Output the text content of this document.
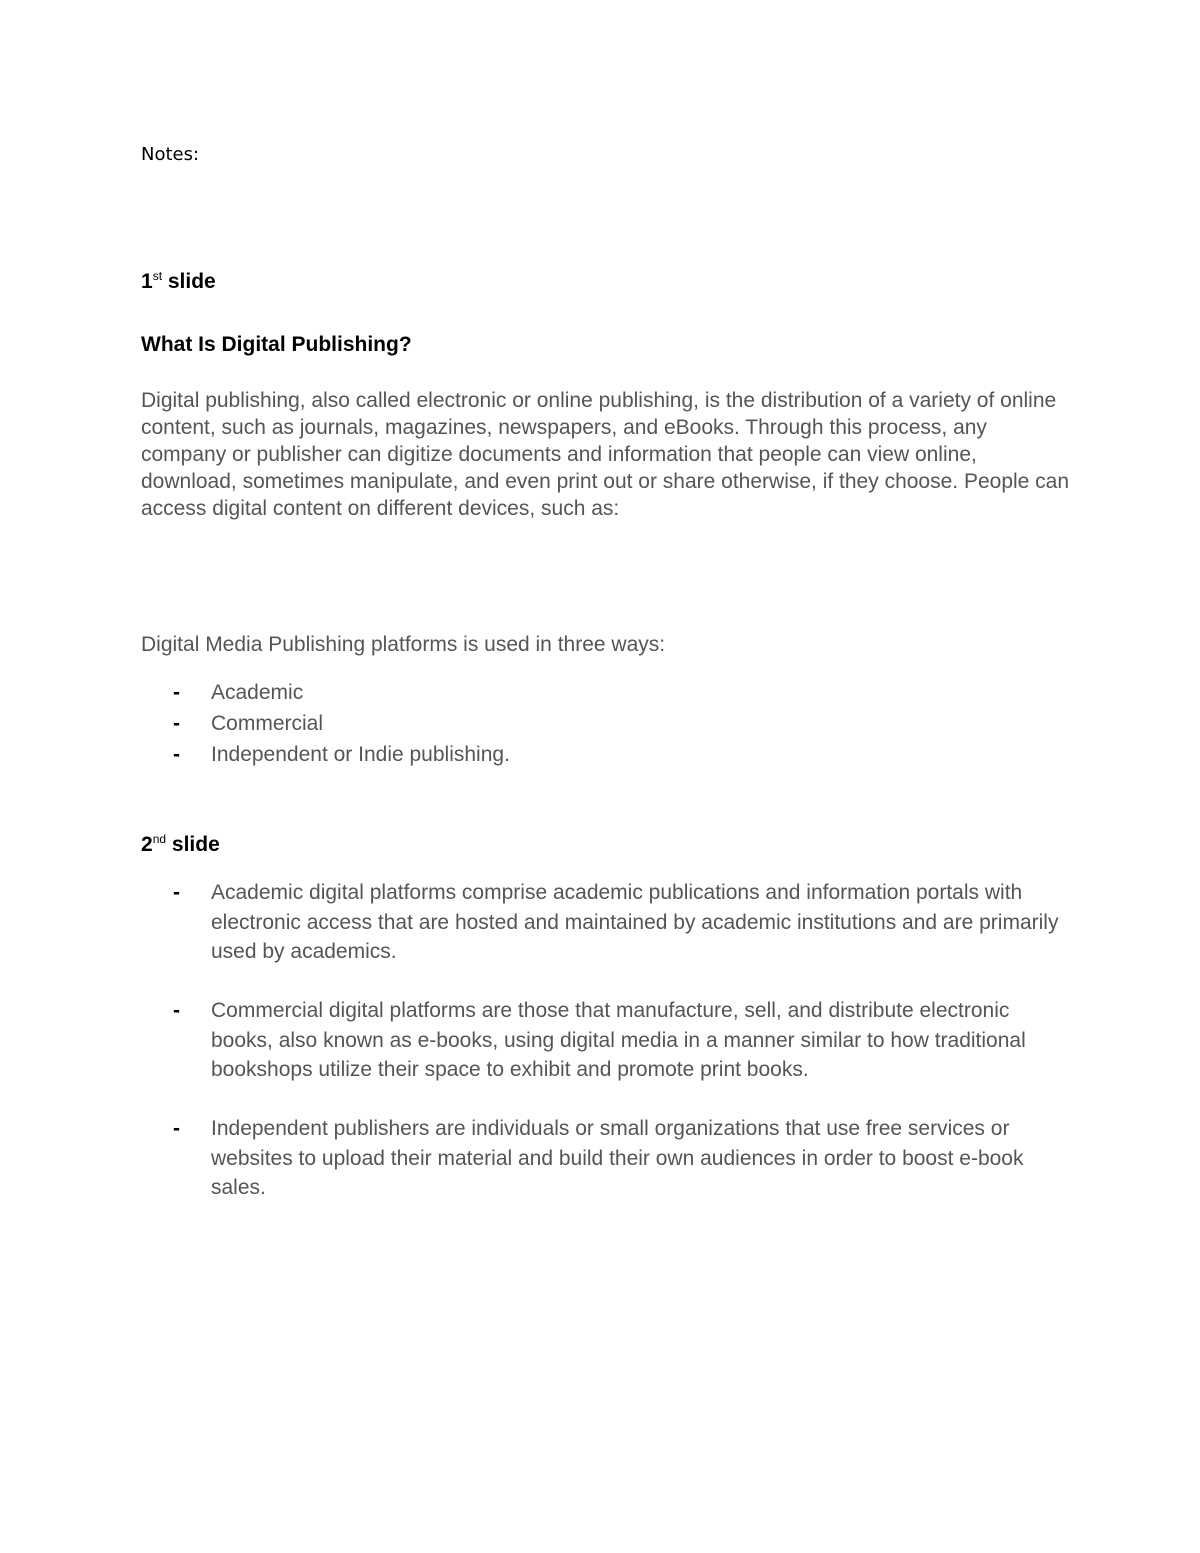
Notes:
1st slide
What Is Digital Publishing?

Digital publishing, also called electronic or online publishing, is the distribution of a variety of online content, such as journals, magazines, newspapers, and eBooks. Through this process, any company or publisher can digitize documents and information that people can view online, download, sometimes manipulate, and even print out or share otherwise, if they choose. People can access digital content on different devices, such as:

Digital Media Publishing platforms is used in three ways:

- Academic
- Commercial
- Independent or Indie publishing.
2nd slide
- Academic digital platforms comprise academic publications and information portals with electronic access that are hosted and maintained by academic institutions and are primarily used by academics.
- Commercial digital platforms are those that manufacture, sell, and distribute electronic books, also known as e-books, using digital media in a manner similar to how traditional bookshops utilize their space to exhibit and promote print books.
- Independent publishers are individuals or small organizations that use free services or websites to upload their material and build their own audiences in order to boost e-book sales.
